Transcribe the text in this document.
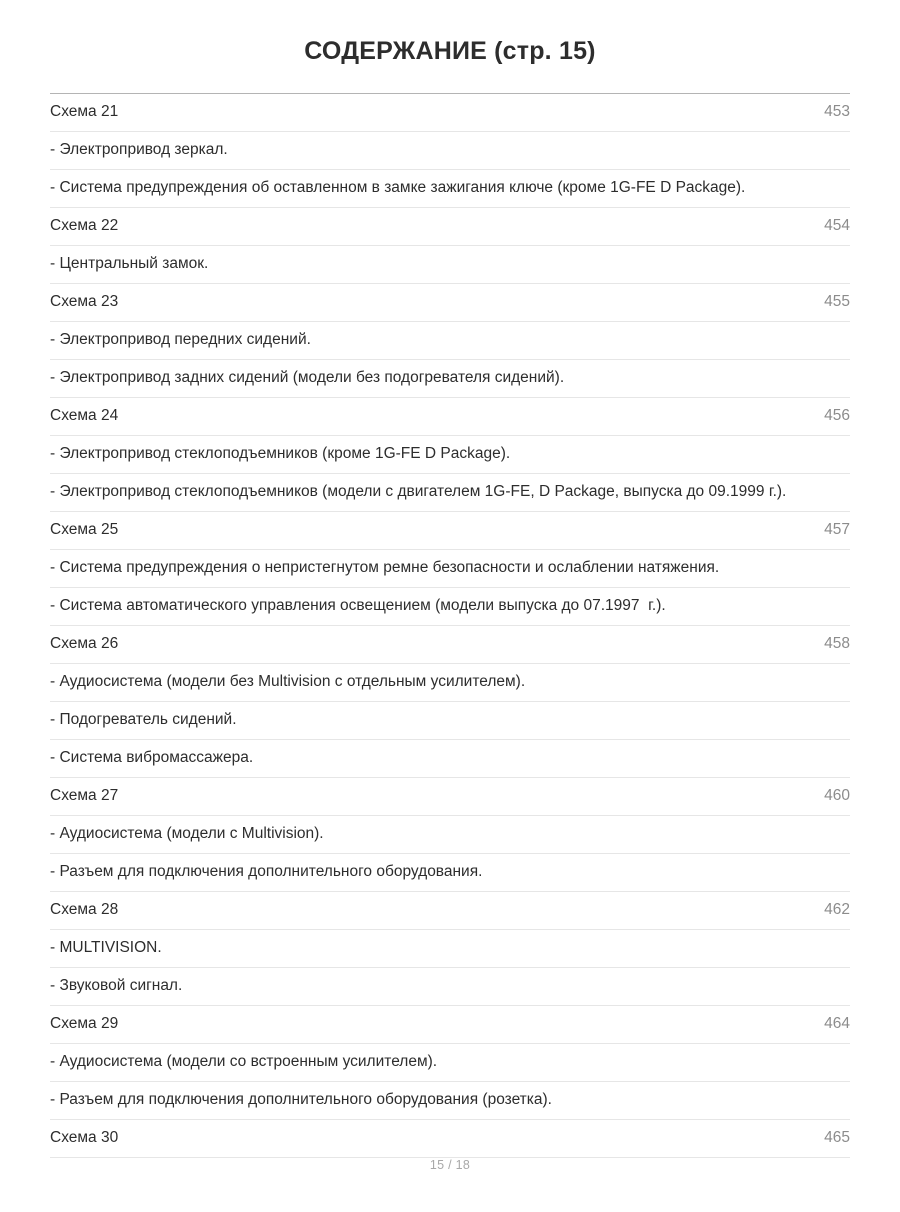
СОДЕРЖАНИЕ (стр. 15)
Схема 21	453
- Электропривод зеркал.
- Система предупреждения об оставленном в замке зажигания ключе (кроме 1G-FE D Package).
Схема 22	454
- Центральный замок.
Схема 23	455
- Электропривод передних сидений.
- Электропривод задних сидений (модели без подогревателя сидений).
Схема 24	456
- Электропривод стеклоподъемников (кроме 1G-FE D Package).
- Электропривод стеклоподъемников (модели с двигателем 1G-FE, D Package, выпуска до 09.1999 г.).
Схема 25	457
- Система предупреждения о непристегнутом ремне безопасности и ослаблении натяжения.
- Система автоматического управления освещением (модели выпуска до 07.1997  г.).
Схема 26	458
- Аудиосистема (модели без Multivision с отдельным усилителем).
- Подогреватель сидений.
- Система вибромассажера.
Схема 27	460
- Аудиосистема (модели с Multivision).
- Разъем для подключения дополнительного оборудования.
Схема 28	462
- MULTIVISION.
- Звуковой сигнал.
Схема 29	464
- Аудиосистема (модели со встроенным усилителем).
- Разъем для подключения дополнительного оборудования (розетка).
Схема 30	465
15 / 18
